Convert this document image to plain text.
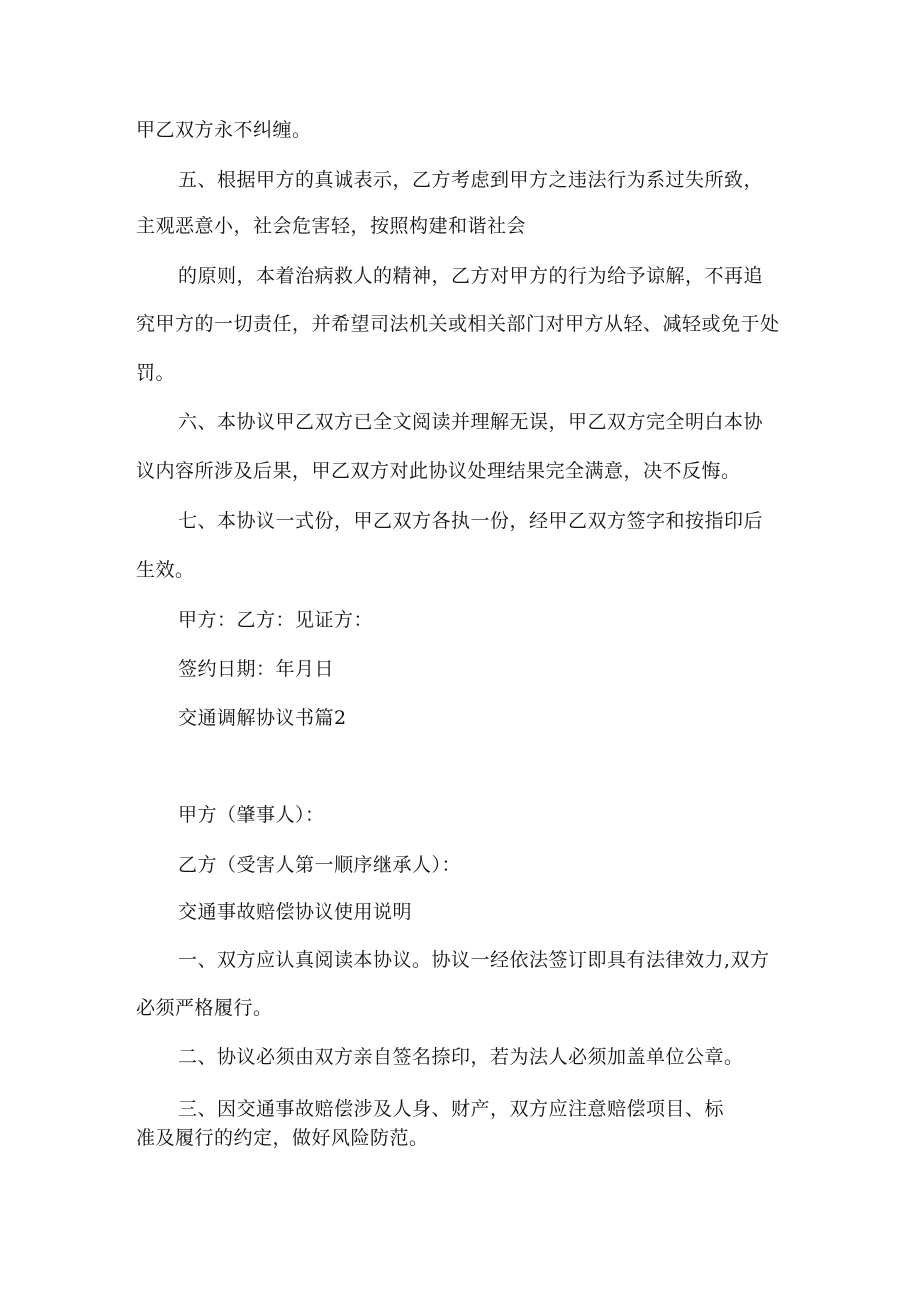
甲乙双方永不纠缠。

五、根据甲方的真诚表示，乙方考虑到甲方之违法行为系过失所致，

主观恶意小，社会危害轻，按照构建和谐社会

的原则，本着治病救人的精神，乙方对甲方的行为给予谅解，不再追

究甲方的一切责任，并希望司法机关或相关部门对甲方从轻、减轻或免于处

罚。

六、本协议甲乙双方已全文阅读并理解无误，甲乙双方完全明白本协

议内容所涉及后果，甲乙双方对此协议处理结果完全满意，决不反悔。

七、本协议一式份，甲乙双方各执一份，经甲乙双方签字和按指印后

生效。

甲方：乙方：见证方：

签约日期：年月日

交通调解协议书篇2

甲方（肇事人）：

乙方（受害人第一顺序继承人）：

交通事故赔偿协议使用说明

一、双方应认真阅读本协议。协议一经依法签订即具有法律效力,双方

必须严格履行。

二、协议必须由双方亲自签名捺印，若为法人必须加盖单位公章。

三、因交通事故赔偿涉及人身、财产，双方应注意赔偿项目、标

准及履行的约定，做好风险防范。
